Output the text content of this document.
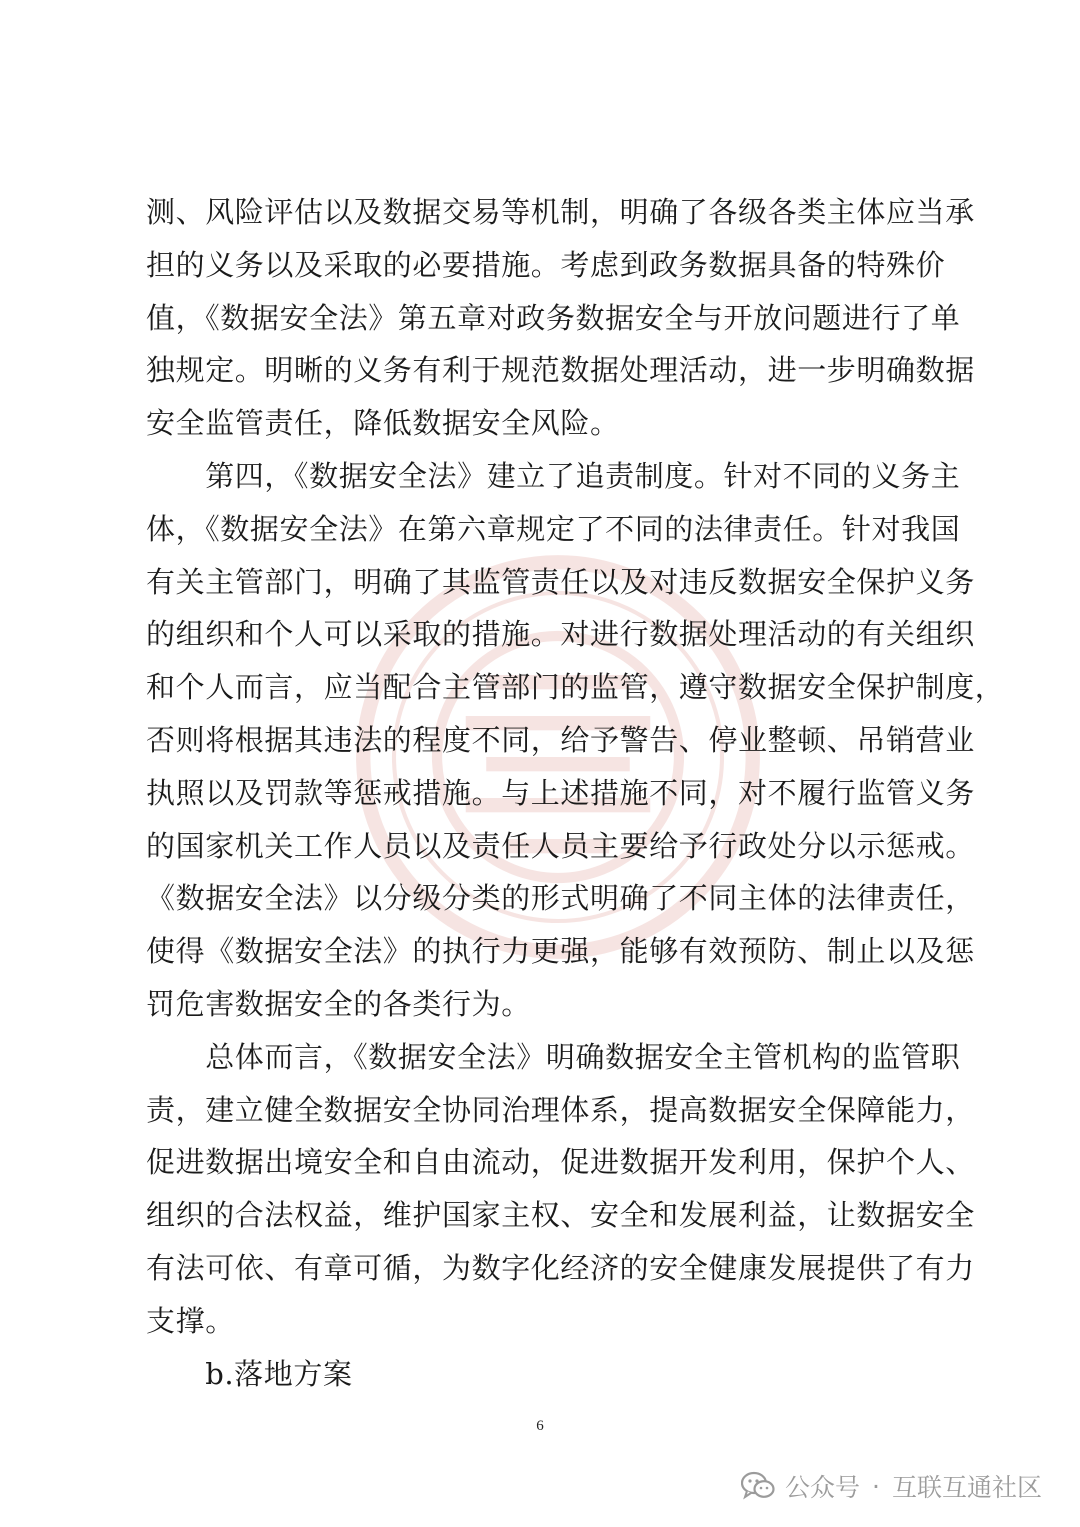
测、风险评估以及数据交易等机制，明确了各级各类主体应当承
担的义务以及采取的必要措施。考虑到政务数据具备的特殊价
值，《数据安全法》第五章对政务数据安全与开放问题进行了单
独规定。明晰的义务有利于规范数据处理活动，进一步明确数据
安全监管责任，降低数据安全风险。
　　第四，《数据安全法》建立了追责制度。针对不同的义务主
体，《数据安全法》在第六章规定了不同的法律责任。针对我国
有关主管部门，明确了其监管责任以及对违反数据安全保护义务
的组织和个人可以采取的措施。对进行数据处理活动的有关组织
和个人而言，应当配合主管部门的监管，遵守数据安全保护制度，
否则将根据其违法的程度不同，给予警告、停业整顿、吊销营业
执照以及罚款等惩戒措施。与上述措施不同，对不履行监管义务
的国家机关工作人员以及责任人员主要给予行政处分以示惩戒。
《数据安全法》以分级分类的形式明确了不同主体的法律责任，
使得《数据安全法》的执行力更强，能够有效预防、制止以及惩
罚危害数据安全的各类行为。
　　总体而言，《数据安全法》明确数据安全主管机构的监管职
责，建立健全数据安全协同治理体系，提高数据安全保障能力，
促进数据出境安全和自由流动，促进数据开发利用，保护个人、
组织的合法权益，维护国家主权、安全和发展利益，让数据安全
有法可依、有章可循，为数字化经济的安全健康发展提供了有力
支撑。
　　b.落地方案
6
公众号 · 互联互通社区
